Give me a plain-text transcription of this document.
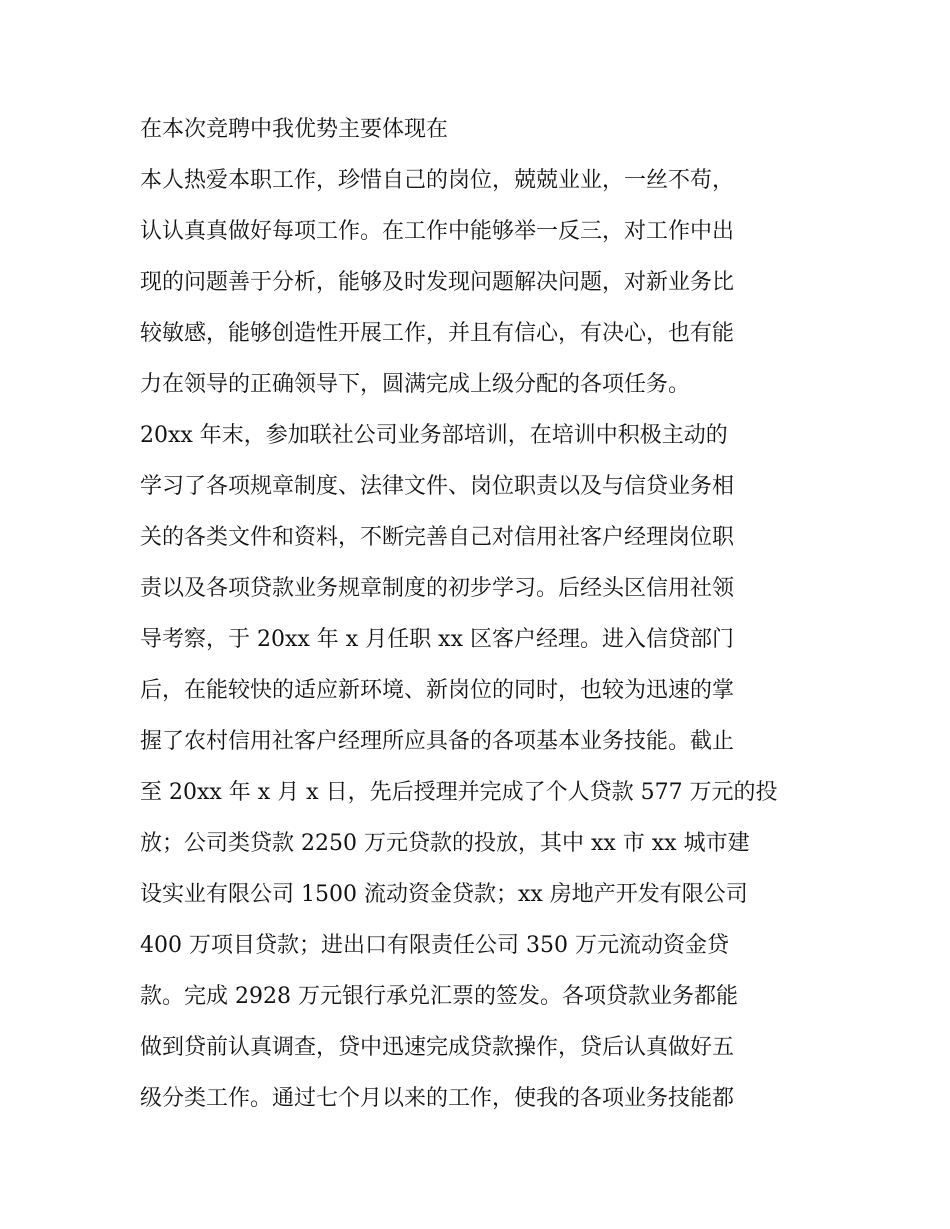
在本次竞聘中我优势主要体现在
本人热爱本职工作，珍惜自己的岗位，兢兢业业，一丝不苟，
认认真真做好每项工作。在工作中能够举一反三，对工作中出
现的问题善于分析，能够及时发现问题解决问题，对新业务比
较敏感，能够创造性开展工作，并且有信心，有决心，也有能
力在领导的正确领导下，圆满完成上级分配的各项任务。
20xx 年末，参加联社公司业务部培训，在培训中积极主动的
学习了各项规章制度、法律文件、岗位职责以及与信贷业务相
关的各类文件和资料，不断完善自己对信用社客户经理岗位职
责以及各项贷款业务规章制度的初步学习。后经头区信用社领
导考察，于 20xx 年 x 月任职 xx 区客户经理。进入信贷部门
后，在能较快的适应新环境、新岗位的同时，也较为迅速的掌
握了农村信用社客户经理所应具备的各项基本业务技能。截止
至 20xx 年 x 月 x 日，先后授理并完成了个人贷款 577 万元的投
放；公司类贷款 2250 万元贷款的投放，其中 xx 市 xx 城市建
设实业有限公司 1500 流动资金贷款；xx 房地产开发有限公司
400 万项目贷款；进出口有限责任公司 350 万元流动资金贷
款。完成 2928 万元银行承兑汇票的签发。各项贷款业务都能
做到贷前认真调查，贷中迅速完成贷款操作，贷后认真做好五
级分类工作。通过七个月以来的工作，使我的各项业务技能都
